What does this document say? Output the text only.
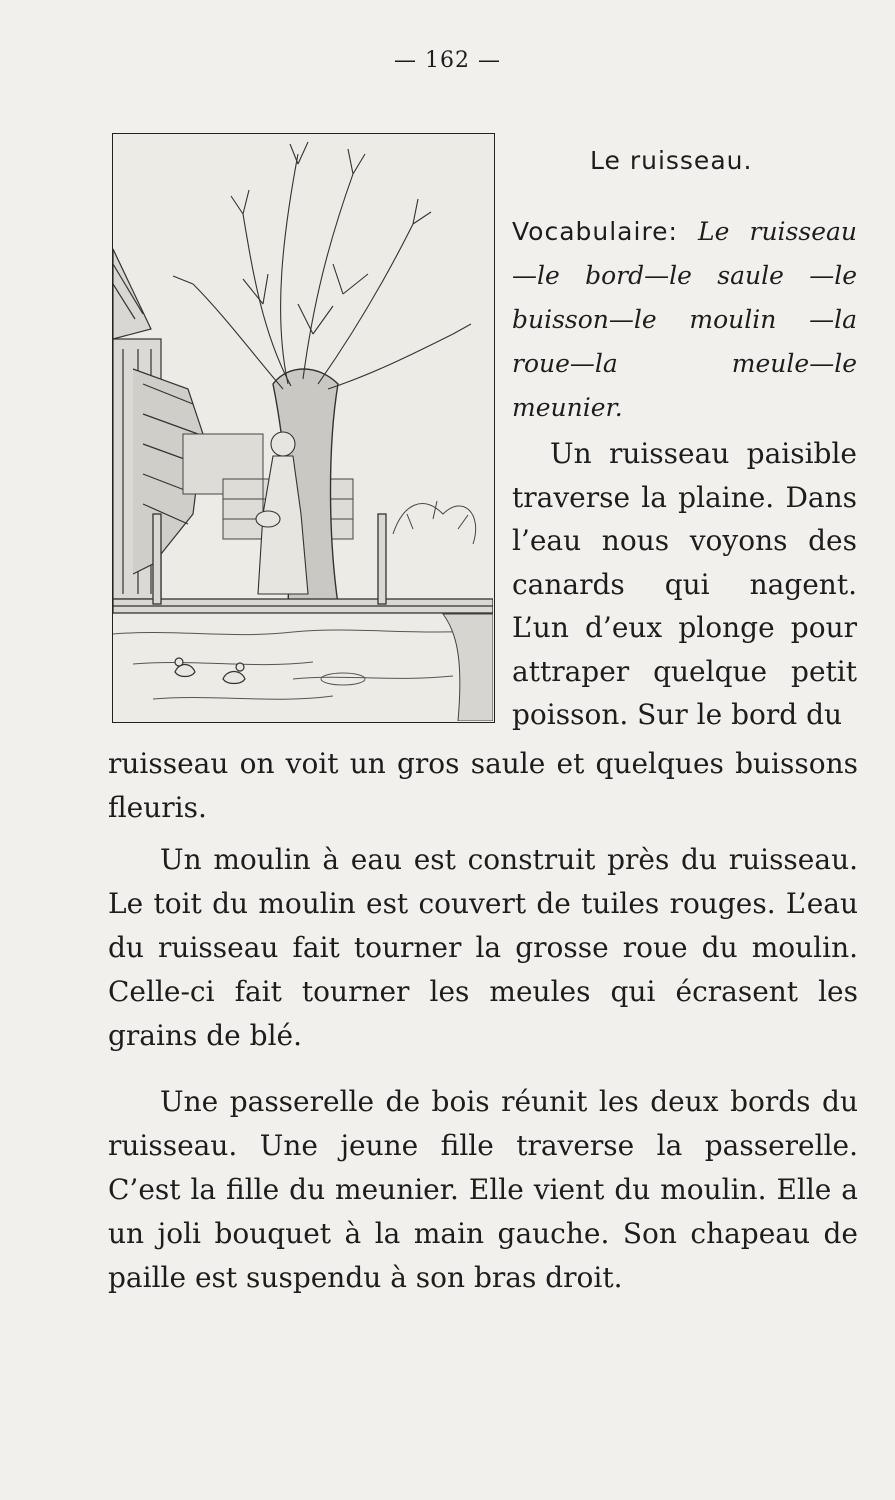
— 162 —
Le ruisseau.
Vocabulaire: Le ruisseau—le bord—le saule —le buisson—le moulin —la roue—la meule—le meunier.
Un ruisseau paisible traverse la plaine. Dans l’eau nous voyons des canards qui nagent. L’un d’eux plonge pour attraper quelque petit poisson. Sur le bord du
ruisseau on voit un gros saule et quelques buissons fleuris.
Un moulin à eau est construit près du ruisseau. Le toit du moulin est couvert de tuiles rouges. L’eau du ruisseau fait tourner la grosse roue du moulin. Celle-ci fait tourner les meules qui écrasent les grains de blé.
Une passerelle de bois réunit les deux bords du ruisseau. Une jeune fille traverse la passerelle. C’est la fille du meunier. Elle vient du moulin. Elle a un joli bouquet à la main gauche. Son chapeau de paille est suspendu à son bras droit.
